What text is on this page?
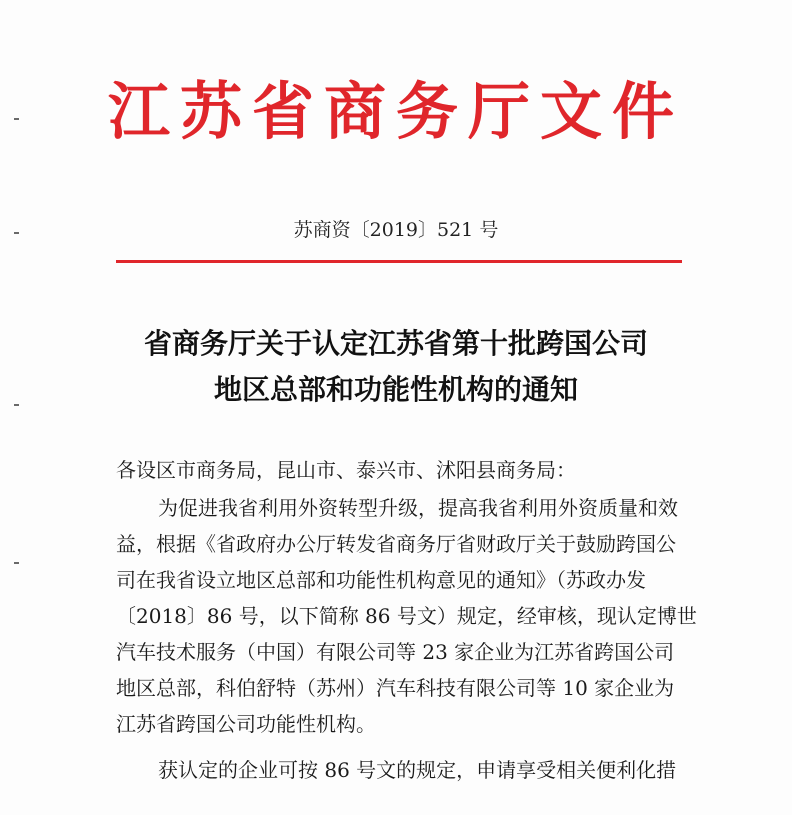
江苏省商务厅文件
苏商资〔2019〕521 号
省商务厅关于认定江苏省第十批跨国公司
地区总部和功能性机构的通知
各设区市商务局，昆山市、泰兴市、沭阳县商务局：
为促进我省利用外资转型升级，提高我省利用外资质量和效
益，根据《省政府办公厅转发省商务厅省财政厅关于鼓励跨国公
司在我省设立地区总部和功能性机构意见的通知》（苏政办发
〔2018〕86 号，以下简称 86 号文）规定，经审核，现认定博世
汽车技术服务（中国）有限公司等 23 家企业为江苏省跨国公司
地区总部，科伯舒特（苏州）汽车科技有限公司等 10 家企业为
江苏省跨国公司功能性机构。
获认定的企业可按 86 号文的规定，申请享受相关便利化措
